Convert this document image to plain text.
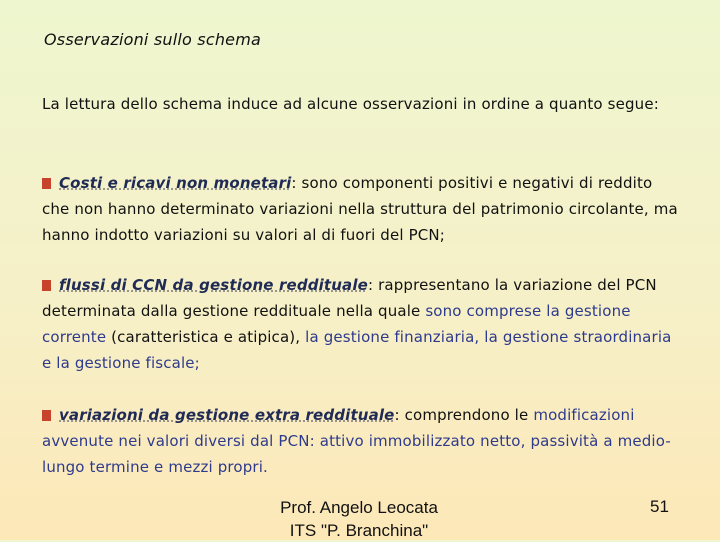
Osservazioni sullo schema

La lettura dello schema induce ad alcune osservazioni in ordine a quanto segue:

Costi e ricavi non monetari: sono componenti positivi e negativi di reddito che non hanno determinato variazioni nella struttura del patrimonio circolante, ma hanno indotto variazioni su valori al di fuori del PCN;

flussi di CCN da gestione reddituale: rappresentano la variazione del PCN determinata dalla gestione reddituale nella quale sono comprese la gestione corrente (caratteristica e atipica), la gestione finanziaria, la gestione straordinaria e la gestione fiscale;

variazioni da gestione extra reddituale: comprendono le modificazioni avvenute nei valori diversi dal PCN: attivo immobilizzato netto, passività a medio-lungo termine e mezzi propri.

Prof. Angelo Leocata
ITS "P. Branchina"
51
